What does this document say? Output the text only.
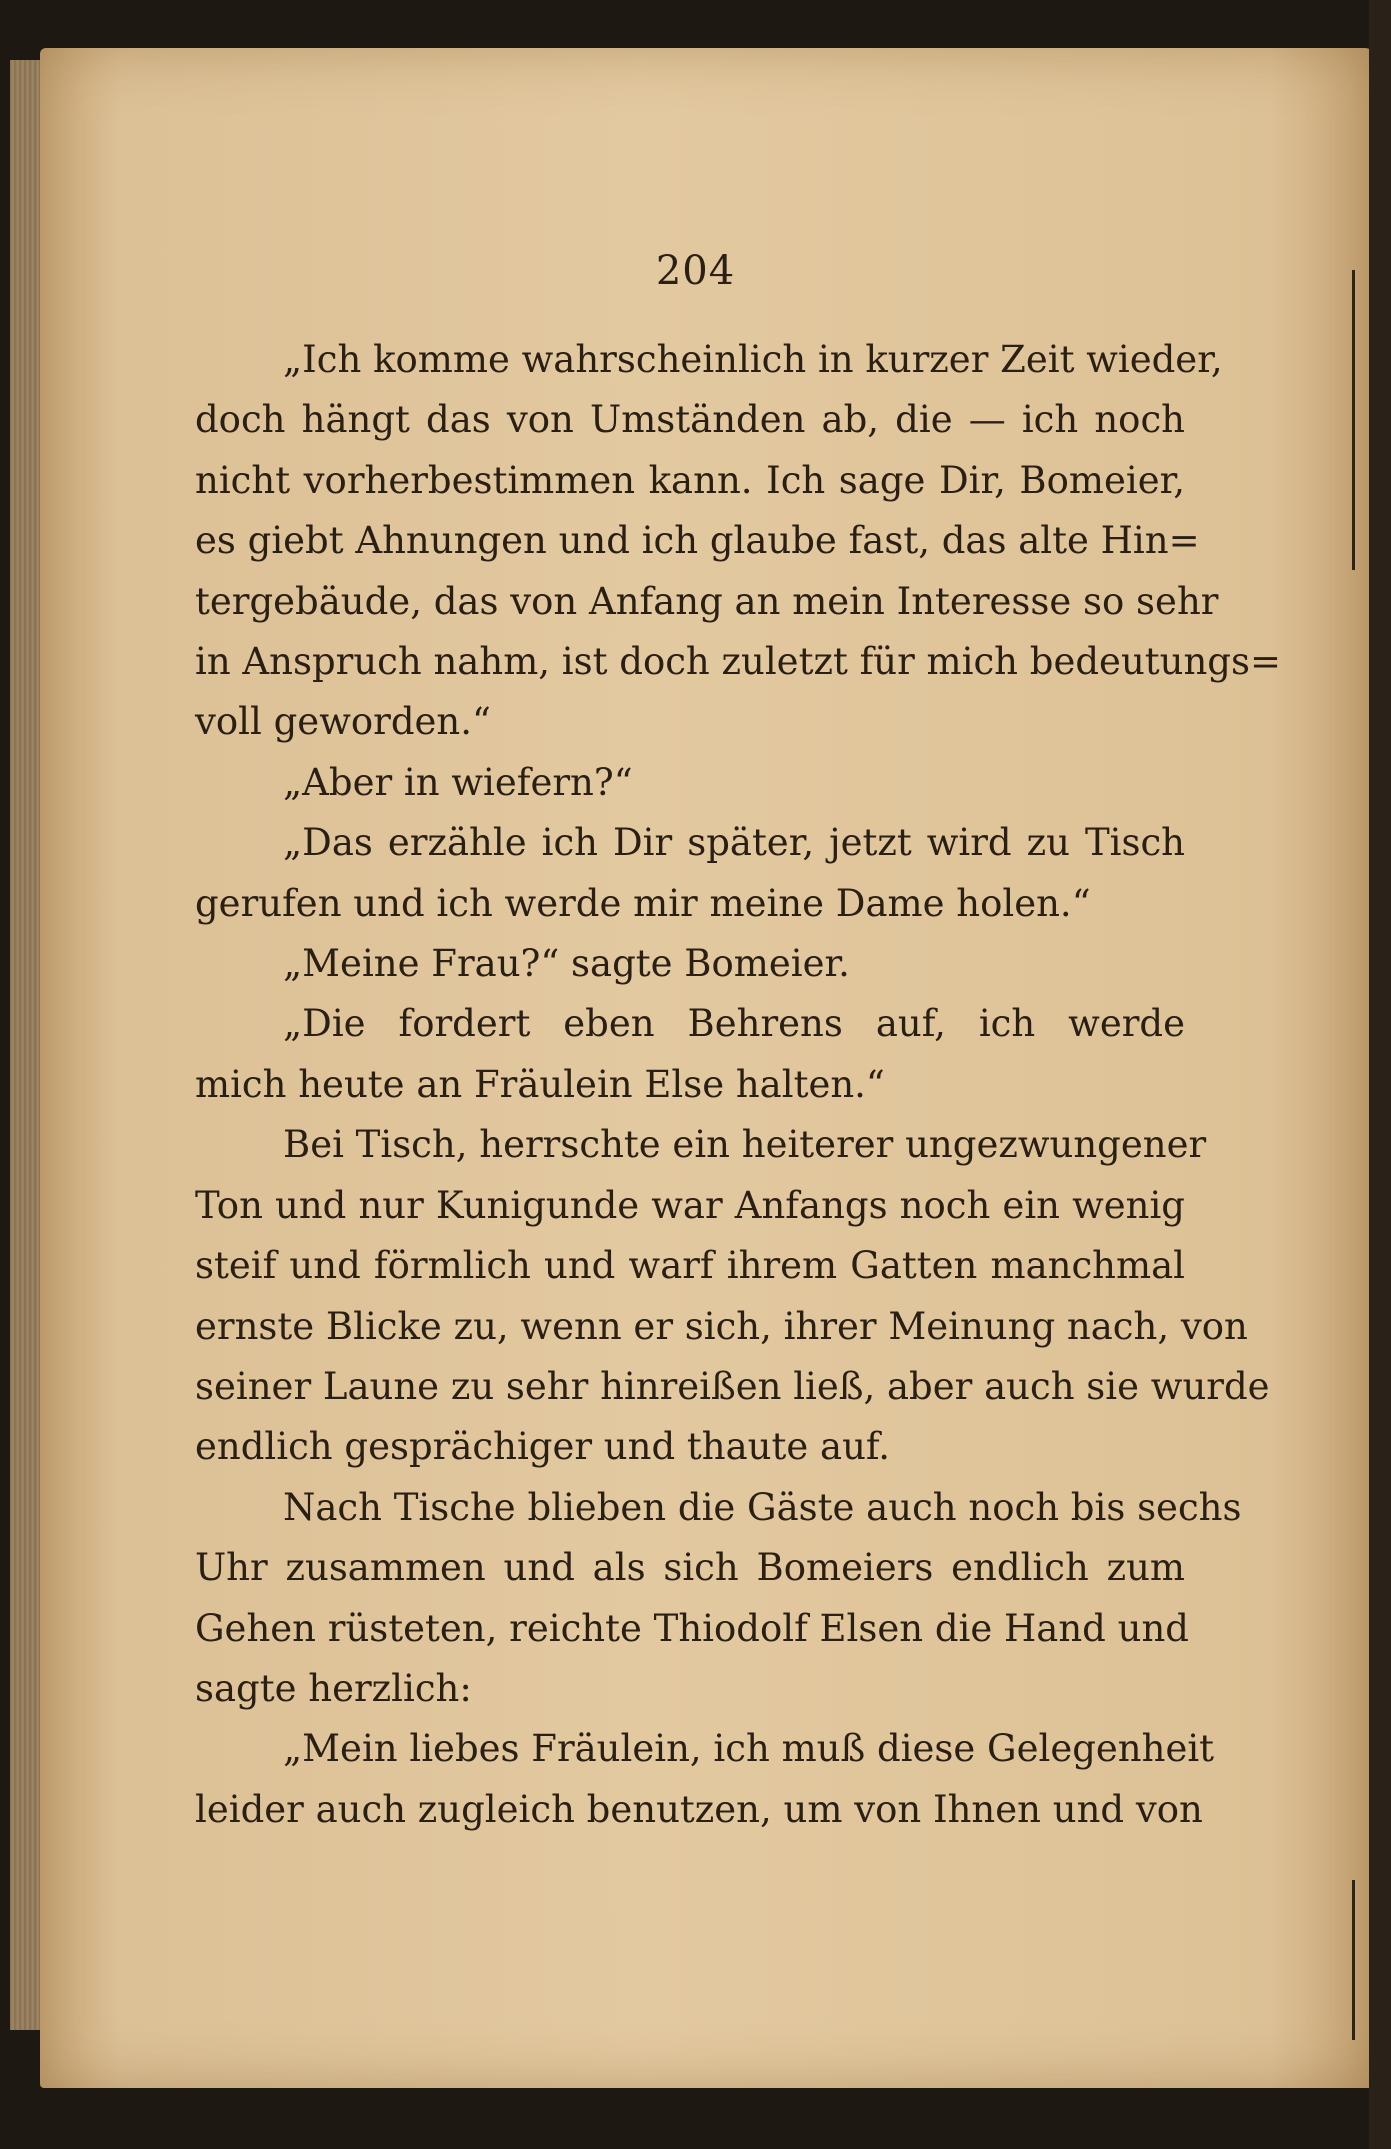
204

„Ich komme wahrscheinlich in kurzer Zeit wieder,
doch hängt das von Umständen ab, die — ich noch
nicht vorherbestimmen kann. Ich sage Dir, Bomeier,
es giebt Ahnungen und ich glaube fast, das alte Hin=
tergebäude, das von Anfang an mein Interesse so sehr
in Anspruch nahm, ist doch zuletzt für mich bedeutungs=
voll geworden.“

„Aber in wiefern?“

„Das erzähle ich Dir später, jetzt wird zu Tisch
gerufen und ich werde mir meine Dame holen.“

„Meine Frau?“ sagte Bomeier.

„Die fordert eben Behrens auf, ich werde
mich heute an Fräulein Else halten.“

Bei Tisch, herrschte ein heiterer ungezwungener
Ton und nur Kunigunde war Anfangs noch ein wenig
steif und förmlich und warf ihrem Gatten manchmal
ernste Blicke zu, wenn er sich, ihrer Meinung nach, von
seiner Laune zu sehr hinreißen ließ, aber auch sie wurde
endlich gesprächiger und thaute auf.

Nach Tische blieben die Gäste auch noch bis sechs
Uhr zusammen und als sich Bomeiers endlich zum
Gehen rüsteten, reichte Thiodolf Elsen die Hand und
sagte herzlich:

„Mein liebes Fräulein, ich muß diese Gelegenheit
leider auch zugleich benutzen, um von Ihnen und von
